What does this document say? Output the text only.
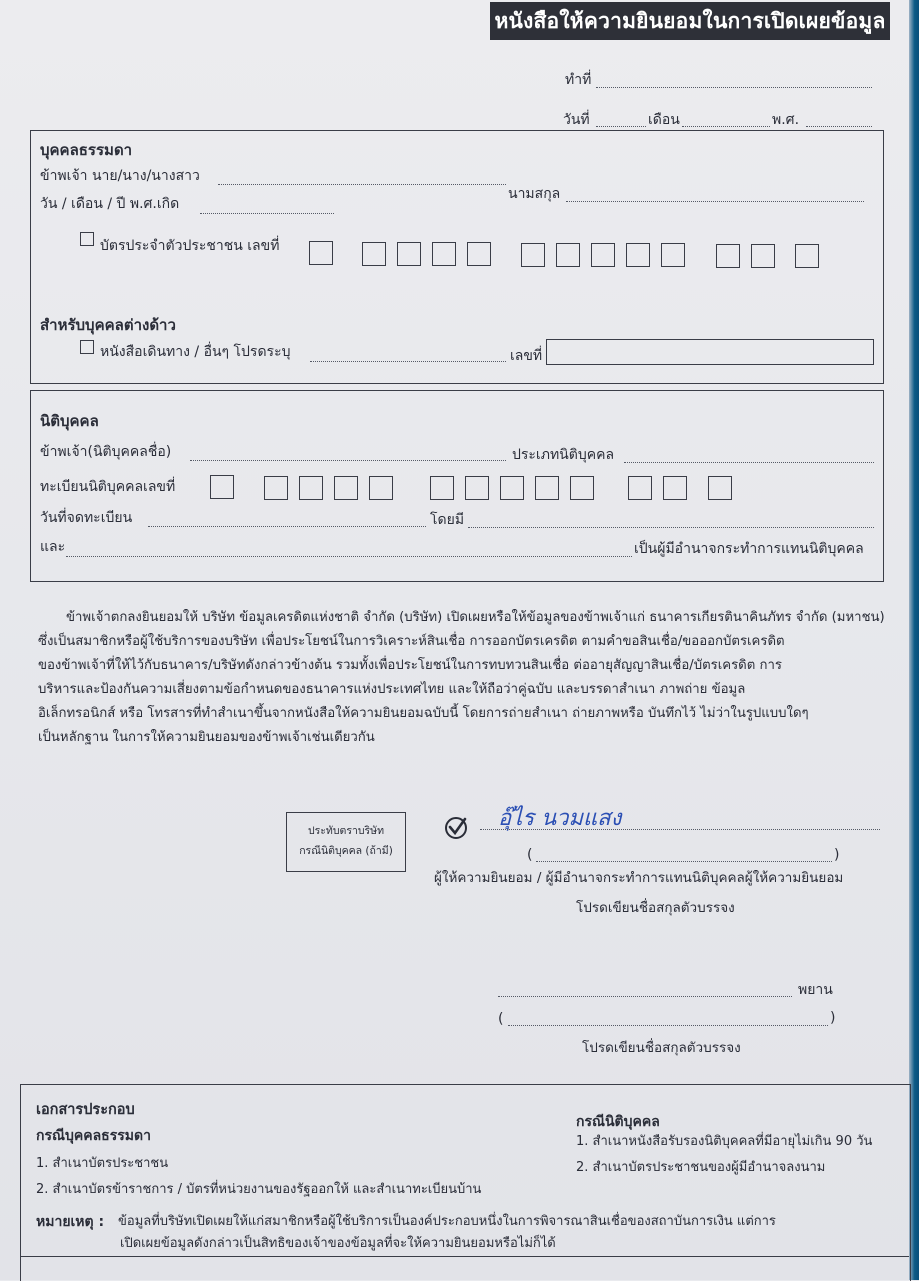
หนังสือให้ความยินยอมในการเปิดเผยข้อมูล
ทำที่
วันที่	เดือน	พ.ศ.
บุคคลธรรมดา
ข้าพเจ้า นาย/นาง/นางสาว
นามสกุล
วัน / เดือน / ปี พ.ศ.เกิด
บัตรประจำตัวประชาชน เลขที่
สำหรับบุคคลต่างด้าว
หนังสือเดินทาง / อื่นๆ โปรดระบุ	เลขที่
นิติบุคคล
ข้าพเจ้า(นิติบุคคลชื่อ)	ประเภทนิติบุคคล
ทะเบียนนิติบุคคลเลขที่
วันที่จดทะเบียน	โดยมี
และ	เป็นผู้มีอำนาจกระทำการแทนนิติบุคคล
ข้าพเจ้าตกลงยินยอมให้ บริษัท ข้อมูลเครดิตแห่งชาติ จำกัด (บริษัท) เปิดเผยหรือให้ข้อมูลของข้าพเจ้าแก่ ธนาคารเกียรตินาคินภัทร จำกัด (มหาชน)
ซึ่งเป็นสมาชิกหรือผู้ใช้บริการของบริษัท เพื่อประโยชน์ในการวิเคราะห์สินเชื่อ การออกบัตรเครดิต ตามคำขอสินเชื่อ/ขอออกบัตรเครดิต
ของข้าพเจ้าที่ให้ไว้กับธนาคาร/บริษัทดังกล่าวข้างต้น รวมทั้งเพื่อประโยชน์ในการทบทวนสินเชื่อ ต่ออายุสัญญาสินเชื่อ/บัตรเครดิต การ
บริหารและป้องกันความเสี่ยงตามข้อกำหนดของธนาคารแห่งประเทศไทย และให้ถือว่าคู่ฉบับ และบรรดาสำเนา ภาพถ่าย ข้อมูล
อิเล็กทรอนิกส์ หรือ โทรสารที่ทำสำเนาขึ้นจากหนังสือให้ความยินยอมฉบับนี้ โดยการถ่ายสำเนา ถ่ายภาพหรือ บันทึกไว้ ไม่ว่าในรูปแบบใดๆ
เป็นหลักฐาน ในการให้ความยินยอมของข้าพเจ้าเช่นเดียวกัน
ประทับตราบริษัท
กรณีนิติบุคคล (ถ้ามี)
อุ๊ไร นวมแสง
(	)
ผู้ให้ความยินยอม / ผู้มีอำนาจกระทำการแทนนิติบุคคลผู้ให้ความยินยอม
โปรดเขียนชื่อสกุลตัวบรรจง
พยาน
(	)
โปรดเขียนชื่อสกุลตัวบรรจง
เอกสารประกอบ
กรณีบุคคลธรรมดา
1. สำเนาบัตรประชาชน
2. สำเนาบัตรข้าราชการ / บัตรที่หน่วยงานของรัฐออกให้ และสำเนาทะเบียนบ้าน
กรณีนิติบุคคล
1. สำเนาหนังสือรับรองนิติบุคคลที่มีอายุไม่เกิน 90 วัน
2. สำเนาบัตรประชาชนของผู้มีอำนาจลงนาม
หมายเหตุ : ข้อมูลที่บริษัทเปิดเผยให้แก่สมาชิกหรือผู้ใช้บริการเป็นองค์ประกอบหนึ่งในการพิจารณาสินเชื่อของสถาบันการเงิน แต่การ
เปิดเผยข้อมูลดังกล่าวเป็นสิทธิของเจ้าของข้อมูลที่จะให้ความยินยอมหรือไม่ก็ได้
